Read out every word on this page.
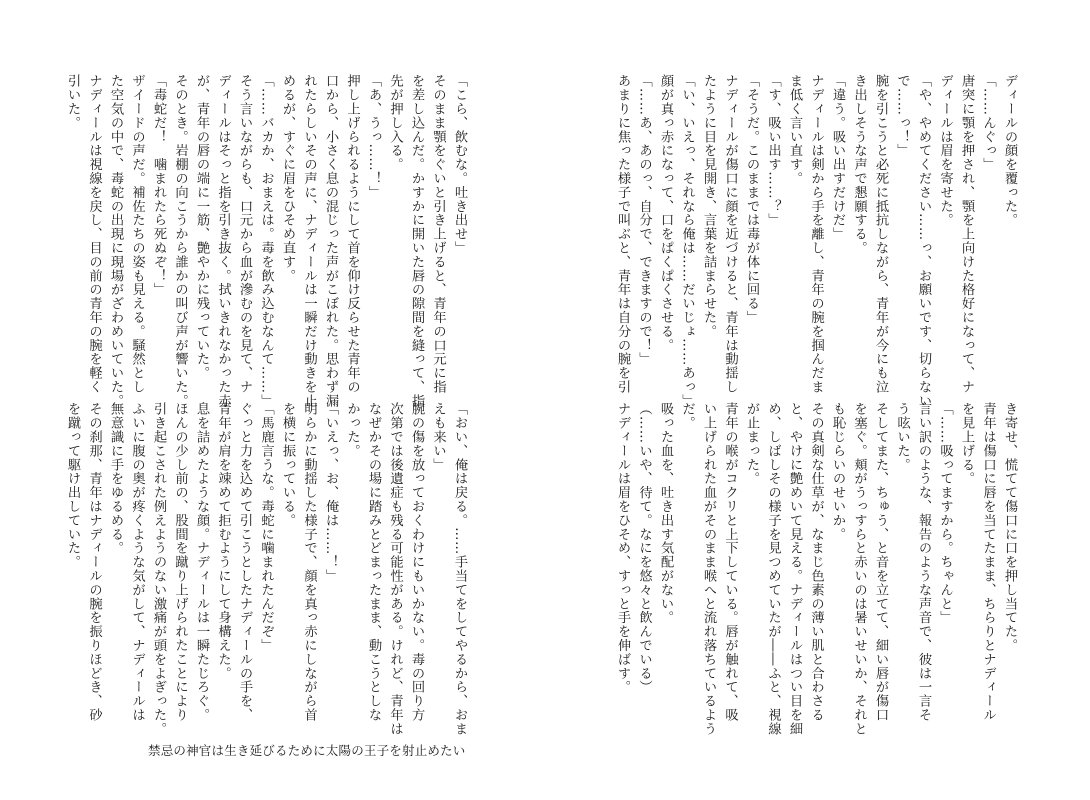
ディールの顔を覆った。

「……んぐっ」

唐突に顎を押され、顎を上向けた格好になって、ナ

ディールは眉を寄せた。

「や、やめてください……っ、お願いです、切らない

で……っ！」

腕を引こうと必死に抵抗しながら、青年が今にも泣

き出しそうな声で懇願する。

「違う。吸い出すだけだ」

ナディールは剣から手を離し、青年の腕を掴んだま

ま低く言い直す。

「す、吸い出す……？」

「そうだ。このままでは毒が体に回る」

ナディールが傷口に顔を近づけると、青年は動揺し

たように目を見開き、言葉を詰まらせた。

「い、いえっ、それなら俺は……だいじょ……あっ」

顔が真っ赤になって、口をぱくぱくさせる。

「……あ、あのっ、自分で、できますので！」

あまりに焦った様子で叫ぶと、青年は自分の腕を引

き寄せ、慌てて傷口に口を押し当てた。

青年は傷口に唇を当てたまま、ちらりとナディール

を見上げる。

「……吸ってますから。ちゃんと」

言い訳のような、報告のような声音で、彼は一言そ

う呟いた。

そしてまた、ちゅう、と音を立てて、細い唇が傷口

を塞ぐ。頬がうっすらと赤いのは暑いせいか、それと

も恥じらいのせいか。

その真剣な仕草が、なまじ色素の薄い肌と合わさる

と、やけに艶めいて見える。ナディールはつい目を細

め、しばしその様子を見つめていたが――ふと、視線

が止まった。

青年の喉がコクリと上下している。唇が触れて、吸

い上げられた血がそのまま喉へと流れ落ちているよう

だ。

吸った血を、吐き出す気配がない。

（……いや、待て。なにを悠々と飲んでいる）

ナディールは眉をひそめ、すっと手を伸ばす。

「こら、飲むな。吐き出せ」

そのまま顎をぐいと引き上げると、青年の口元に指

を差し込んだ。かすかに開いた唇の隙間を縫って、指

先が押し入る。

「あ、うっ……！」

押し上げられるようにして首を仰け反らせた青年の

口から、小さく息の混じった声がこぼれた。思わず漏

れたらしいその声に、ナディールは一瞬だけ動きを止

めるが、すぐに眉をひそめ直す。

「……バカか、おまえは。毒を飲み込むなんて……」

そう言いながらも、口元から血が滲むのを見て、ナ

ディールはそっと指を引き抜く。拭いきれなかった赤

が、青年の唇の端に一筋、艶やかに残っていた。

そのとき。岩棚の向こうから誰かの叫び声が響いた。

「毒蛇だ！　噛まれたら死ぬぞ！」

ザイードの声だ。補佐たちの姿も見える。騒然とし

た空気の中で、毒蛇の出現に現場がざわめいていた。

ナディールは視線を戻し、目の前の青年の腕を軽く

引いた。

「おい、俺は戻る。……手当てをしてやるから、おま

えも来い」

腕の傷を放っておくわけにもいかない。毒の回り方

次第では後遺症も残る可能性がある。けれど、青年は

なぜかその場に踏みとどまったまま、動こうとしな

かった。

「いえっ、お、俺は……！」

明らかに動揺した様子で、顔を真っ赤にしながら首

を横に振っている。

「馬鹿言うな。毒蛇に噛まれたんだぞ」

ぐっと力を込めて引こうとしたナディールの手を、

青年が肩を竦めて拒むようにして身構えた。

息を詰めたような顔。ナディールは一瞬たじろぐ。

ほんの少し前の、股間を蹴り上げられたことにより

引き起こされた例えようのない激痛が頭をよぎった。

ふいに腹の奥が疼くような気がして、ナディールは

無意識に手をゆるめる。

その刹那、青年はナディールの腕を振りほどき、砂

を蹴って駆け出していた。

禁忌の神官は生き延びるために太陽の王子を射止めたい
